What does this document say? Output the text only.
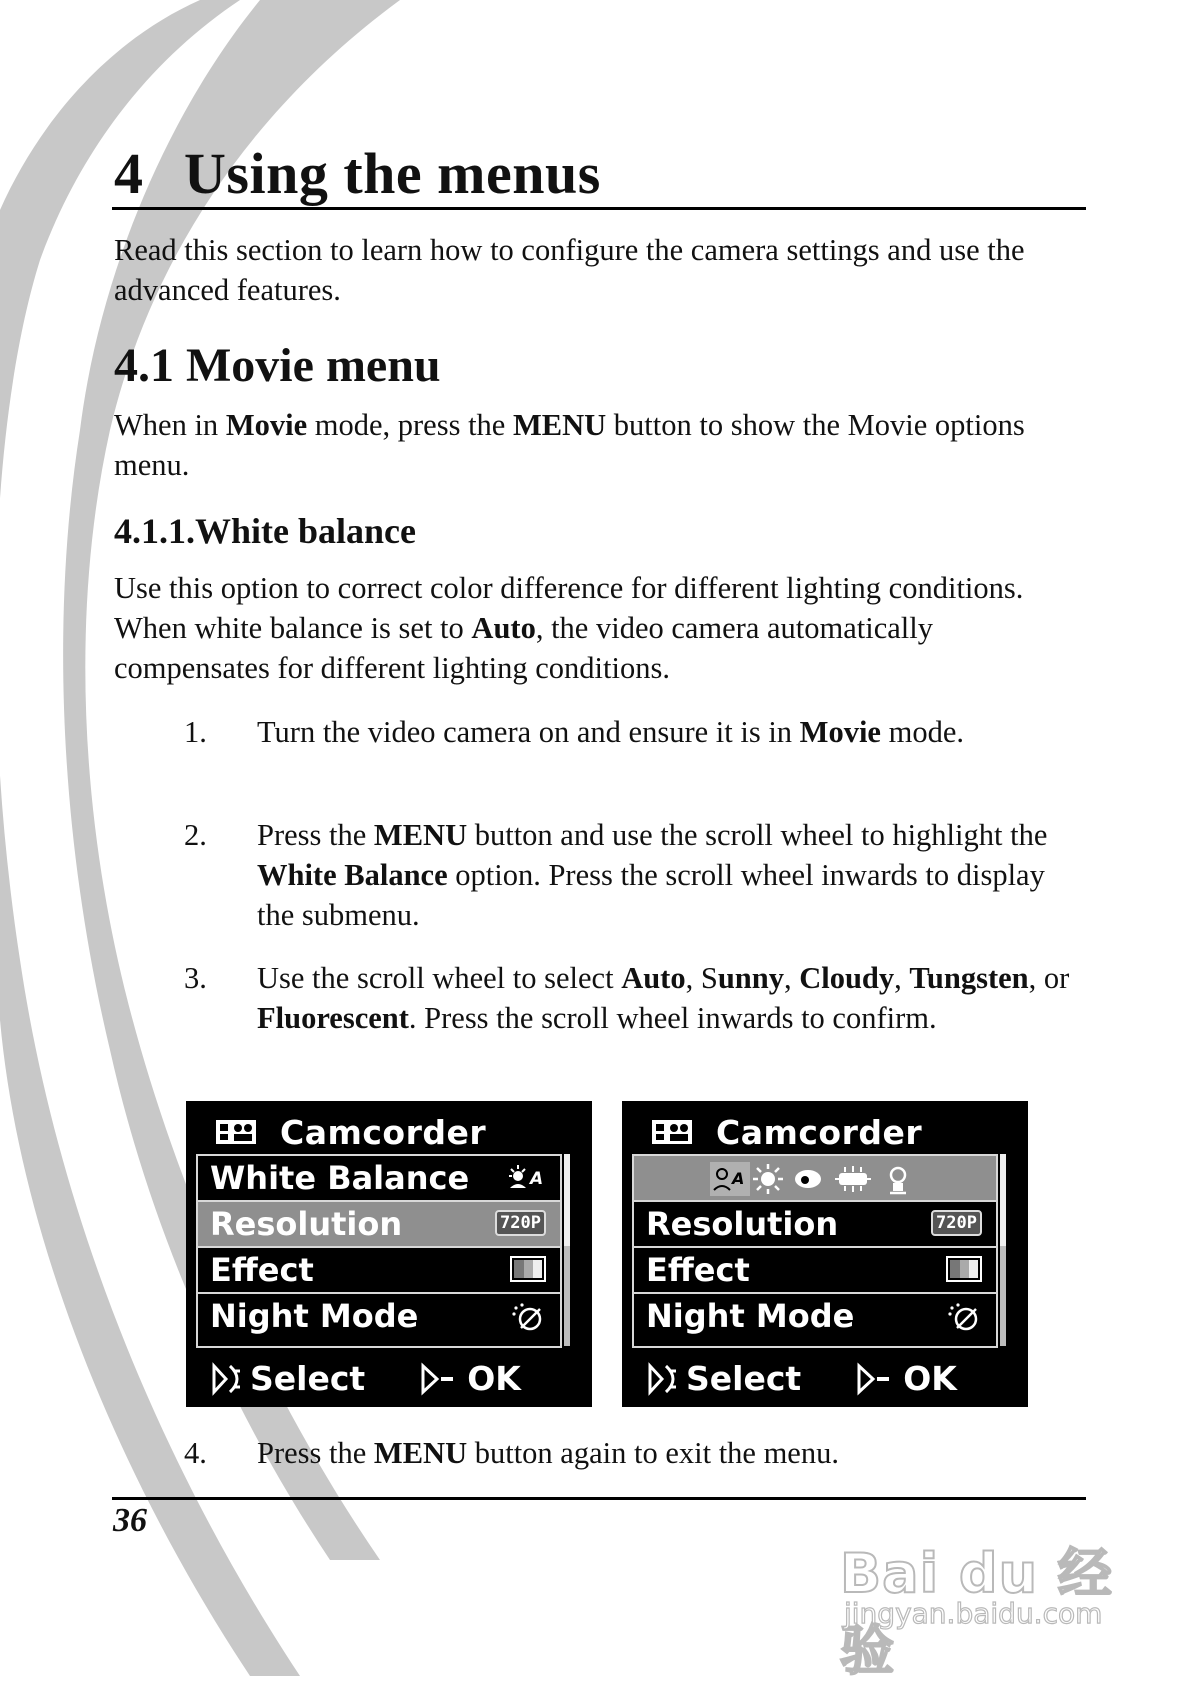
4 Using the menus
Read this section to learn how to configure the camera settings and use the advanced features.
4.1 Movie menu
When in Movie mode, press the MENU button to show the Movie options menu.
4.1.1.White balance
Use this option to correct color difference for different lighting conditions. When white balance is set to Auto, the video camera automatically compensates for different lighting conditions.
1. Turn the video camera on and ensure it is in Movie mode.
2. Press the MENU button and use the scroll wheel to highlight the White Balance option. Press the scroll wheel inwards to display the submenu.
3. Use the scroll wheel to select Auto, Sunny, Cloudy, Tungsten, or Fluorescent. Press the scroll wheel inwards to confirm.
Camcorder
White Balance	A
Resolution	720P
Effect
Night Mode
Select	OK
Camcorder
A
Resolution	720P
Effect
Night Mode
Select	OK
4. Press the MENU button again to exit the menu.
36
Bai du 经验
jingyan.baidu.com
